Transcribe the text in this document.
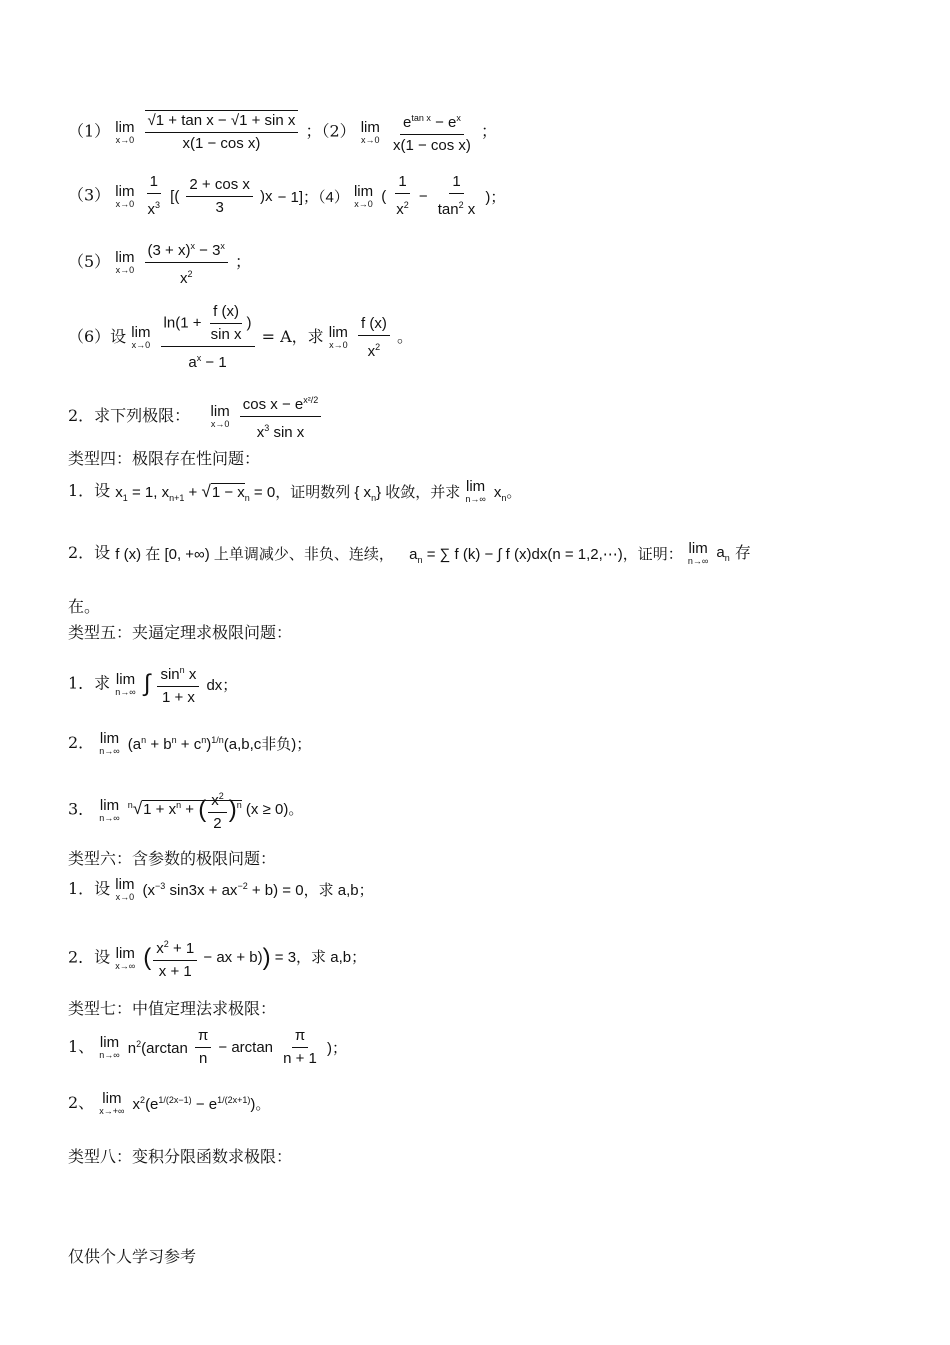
（1） lim
x→0
$\frac{\text{√1 + tan x − √1 + sin x}}{\text{x(1 − cos x)}}$ ；（2） lim
x→0
$\frac{e^{tan x} - e^x}{\text{x(1 − cos x)}}$ ；
（3） lim
x→0
$\frac{1}{x^3}$ [( $\frac{\text{2 + cos x}}{3} )x - 1$]；（4） lim
x→0 ( $\frac{1}{x^2} - \frac{1}{\tan^2 x}$ )；
（5） lim
x→0
$\frac{(3 + x)^x - 3^x}{x^2}$ ；
（6）设 lim
x→0
$\frac{\ln(1 + \frac{f (x)}{\text{sin x}} )}{a^x - 1} = A$，求 lim
x→0
$\frac{f (x)}{x^2}$ 。
2．求下列极限： lim
x→0
$\frac{\cos x - e^{x^2/2}}{x^3 \sin x}$
类型四：极限存在性问题：
1．设 $x_1 = 1$, $x_{n+1} + √1 - x_n = 0$，证明数列 { $x_n$} 收敛，并求 lim
n→∞ $x_n$。
2．设 f (x) 在 [0, +∞) 上单调减少、非负、连续， $a_n$ = ∑ f (k) − ∫ f (x)dx(n = 1,2,⋯)，证明： lim
n→∞ $a_n$ 存
在。
类型五：夹逼定理求极限问题：
1．求 lim
n→∞ ∫ $\frac{\sin^n x}{1 + x}$ dx；
2． lim
n→∞ $(a^n + b^n + c^n)^{1/n}(a,b,c$非负)；
3． lim
n→∞
$^n√1 + x^n$ + ( $\frac{x^2}{2} )^n$ (x ≥ 0)。
类型六：含参数的极限问题：
1．设 lim
x→0 ($x^{-3}$ $\sin 3x + ax^{-2} + b) = 0$，求 a,b；
2．设 lim
x→∞ ( $\frac{x^2 + 1}{x + 1}$ − ax + b)) = 3，求 a,b；
类型七：中值定理法求极限：
1、 lim
n→∞ $n^2(\arctan \frac{\pi}{n} - \arctan \frac{\pi}{n + 1}$ )；
2、 lim
x→+∞ $x^2(e^{1/(2x-1)} - e^{1/(2x+1)})$。
类型八：变积分限函数求极限：
仅供个人学习参考
